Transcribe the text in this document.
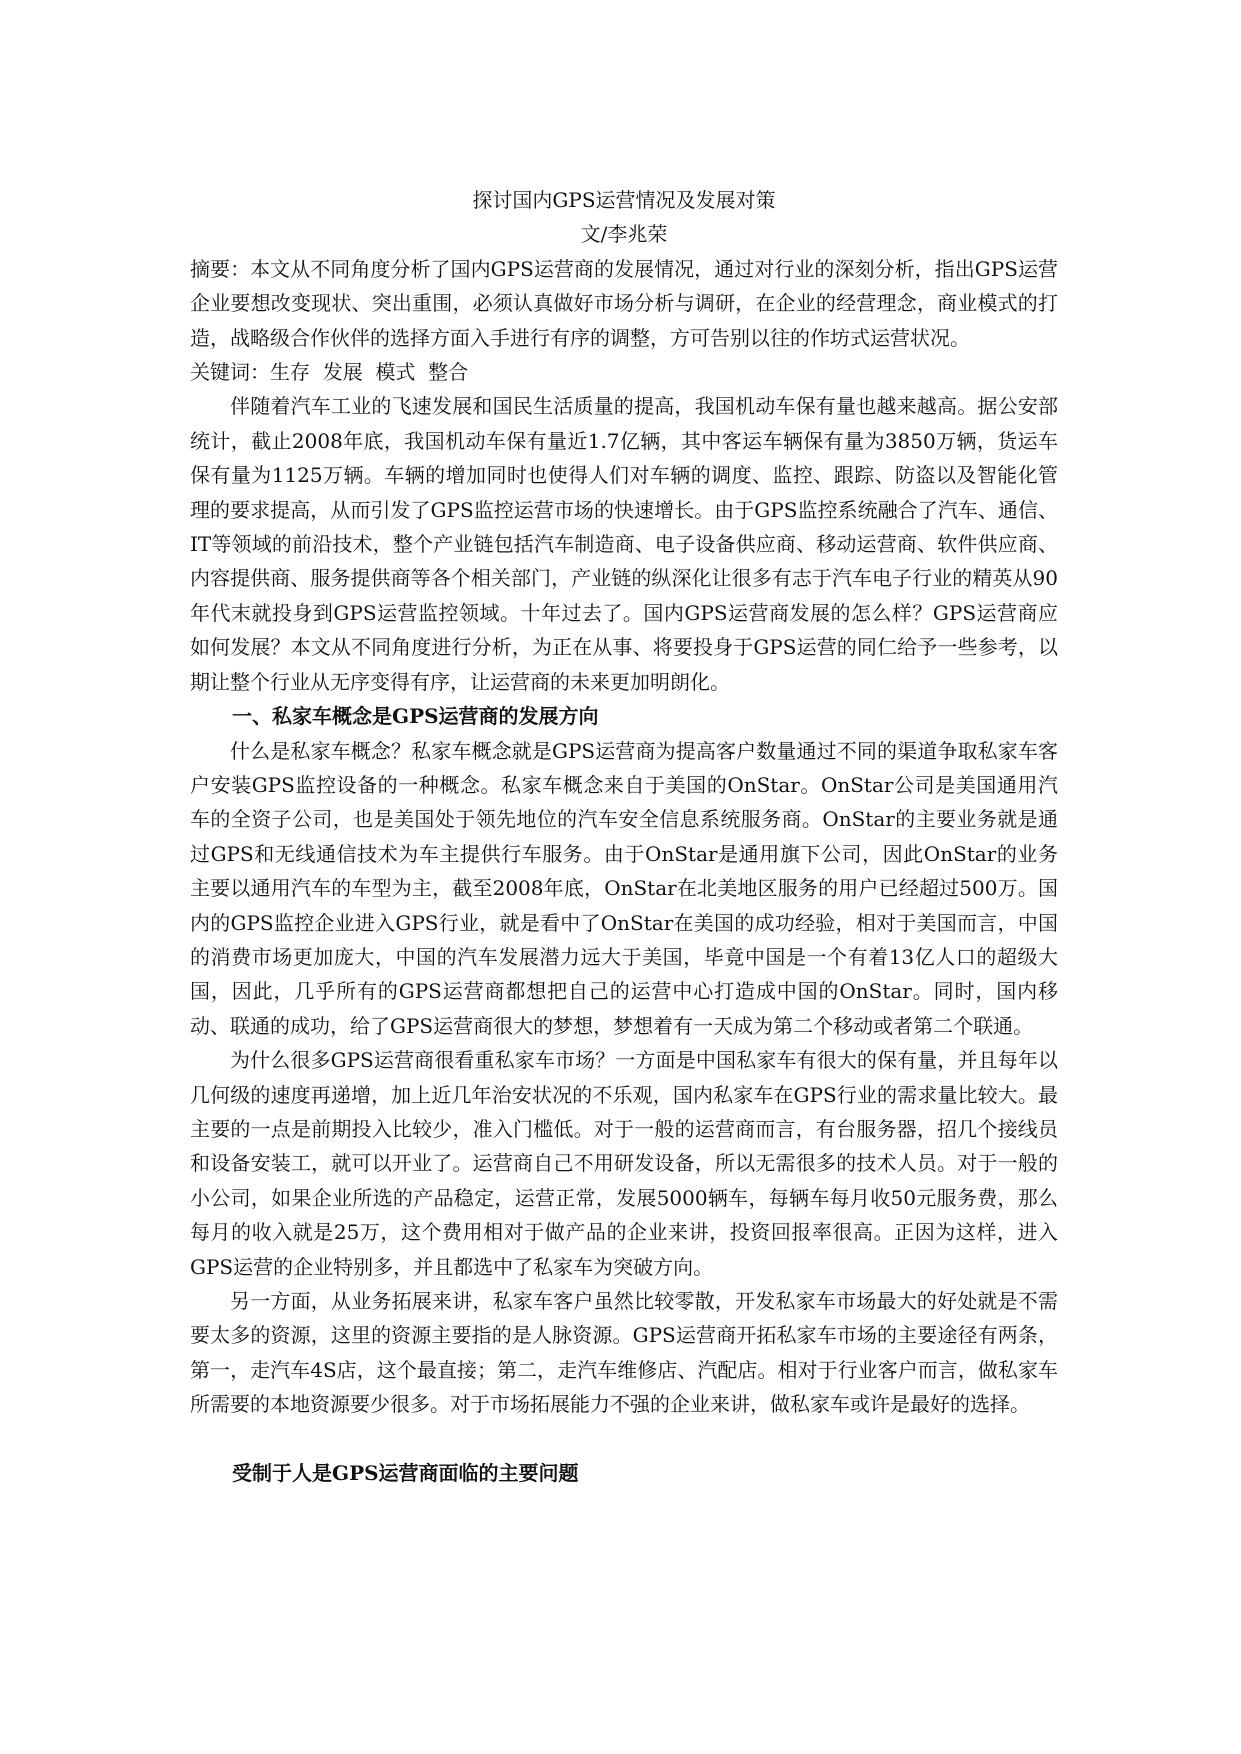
探讨国内GPS运营情况及发展对策
文/李兆荣

摘要：本文从不同角度分析了国内GPS运营商的发展情况，通过对行业的深刻分析，指出GPS运营企业要想改变现状、突出重围，必须认真做好市场分析与调研，在企业的经营理念，商业模式的打造，战略级合作伙伴的选择方面入手进行有序的调整，方可告别以往的作坊式运营状况。

关键词：生存  发展  模式  整合

伴随着汽车工业的飞速发展和国民生活质量的提高，我国机动车保有量也越来越高。据公安部统计，截止2008年底，我国机动车保有量近1.7亿辆，其中客运车辆保有量为3850万辆，货运车保有量为1125万辆。车辆的增加同时也使得人们对车辆的调度、监控、跟踪、防盗以及智能化管理的要求提高，从而引发了GPS监控运营市场的快速增长。由于GPS监控系统融合了汽车、通信、IT等领域的前沿技术，整个产业链包括汽车制造商、电子设备供应商、移动运营商、软件供应商、内容提供商、服务提供商等各个相关部门，产业链的纵深化让很多有志于汽车电子行业的精英从90年代末就投身到GPS运营监控领域。十年过去了。国内GPS运营商发展的怎么样？GPS运营商应如何发展？本文从不同角度进行分析，为正在从事、将要投身于GPS运营的同仁给予一些参考，以期让整个行业从无序变得有序，让运营商的未来更加明朗化。

一、私家车概念是GPS运营商的发展方向

什么是私家车概念？私家车概念就是GPS运营商为提高客户数量通过不同的渠道争取私家车客户安装GPS监控设备的一种概念。私家车概念来自于美国的OnStar。OnStar公司是美国通用汽车的全资子公司，也是美国处于领先地位的汽车安全信息系统服务商。OnStar的主要业务就是通过GPS和无线通信技术为车主提供行车服务。由于OnStar是通用旗下公司，因此OnStar的业务主要以通用汽车的车型为主，截至2008年底，OnStar在北美地区服务的用户已经超过500万。国内的GPS监控企业进入GPS行业，就是看中了OnStar在美国的成功经验，相对于美国而言，中国的消费市场更加庞大，中国的汽车发展潜力远大于美国，毕竟中国是一个有着13亿人口的超级大国，因此，几乎所有的GPS运营商都想把自己的运营中心打造成中国的OnStar。同时，国内移动、联通的成功，给了GPS运营商很大的梦想，梦想着有一天成为第二个移动或者第二个联通。

为什么很多GPS运营商很看重私家车市场？一方面是中国私家车有很大的保有量，并且每年以几何级的速度再递增，加上近几年治安状况的不乐观，国内私家车在GPS行业的需求量比较大。最主要的一点是前期投入比较少，准入门槛低。对于一般的运营商而言，有台服务器，招几个接线员和设备安装工，就可以开业了。运营商自己不用研发设备，所以无需很多的技术人员。对于一般的小公司，如果企业所选的产品稳定，运营正常，发展5000辆车，每辆车每月收50元服务费，那么每月的收入就是25万，这个费用相对于做产品的企业来讲，投资回报率很高。正因为这样，进入GPS运营的企业特别多，并且都选中了私家车为突破方向。

另一方面，从业务拓展来讲，私家车客户虽然比较零散，开发私家车市场最大的好处就是不需要太多的资源，这里的资源主要指的是人脉资源。GPS运营商开拓私家车市场的主要途径有两条，第一，走汽车4S店，这个最直接；第二，走汽车维修店、汽配店。相对于行业客户而言，做私家车所需要的本地资源要少很多。对于市场拓展能力不强的企业来讲，做私家车或许是最好的选择。

受制于人是GPS运营商面临的主要问题
